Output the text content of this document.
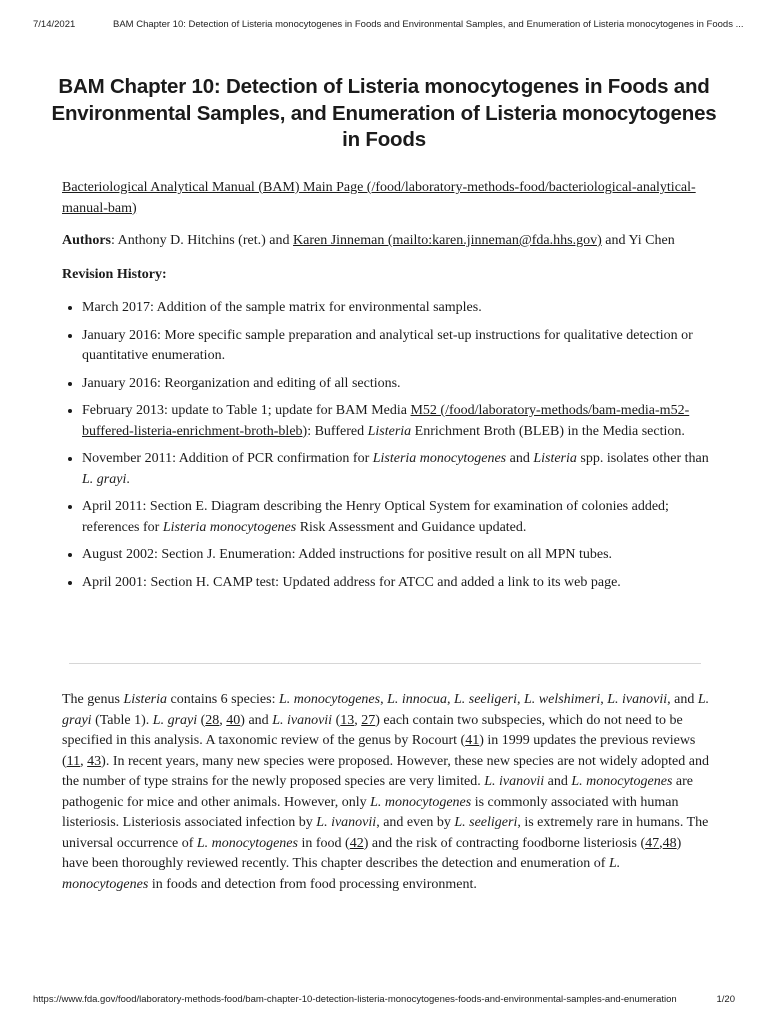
7/14/2021	BAM Chapter 10: Detection of Listeria monocytogenes in Foods and Environmental Samples, and Enumeration of Listeria monocytogenes in Foods ...
BAM Chapter 10: Detection of Listeria monocytogenes in Foods and Environmental Samples, and Enumeration of Listeria monocytogenes in Foods
Bacteriological Analytical Manual (BAM) Main Page (/food/laboratory-methods-food/bacteriological-analytical-manual-bam)

Authors: Anthony D. Hitchins (ret.) and Karen Jinneman (mailto:karen.jinneman@fda.hhs.gov) and Yi Chen

Revision History:

• March 2017: Addition of the sample matrix for environmental samples.
• January 2016: More specific sample preparation and analytical set-up instructions for qualitative detection or quantitative enumeration.
• January 2016: Reorganization and editing of all sections.
• February 2013: update to Table 1; update for BAM Media M52 (/food/laboratory-methods/bam-media-m52-buffered-listeria-enrichment-broth-bleb): Buffered Listeria Enrichment Broth (BLEB) in the Media section.
• November 2011: Addition of PCR confirmation for Listeria monocytogenes and Listeria spp. isolates other than L. grayi.
• April 2011: Section E. Diagram describing the Henry Optical System for examination of colonies added; references for Listeria monocytogenes Risk Assessment and Guidance updated.
• August 2002: Section J. Enumeration: Added instructions for positive result on all MPN tubes.
• April 2001: Section H. CAMP test: Updated address for ATCC and added a link to its web page.

The genus Listeria contains 6 species: L. monocytogenes, L. innocua, L. seeligeri, L. welshimeri, L. ivanovii, and L. grayi (Table 1). L. grayi (28, 40) and L. ivanovii (13, 27) each contain two subspecies, which do not need to be specified in this analysis. A taxonomic review of the genus by Rocourt (41) in 1999 updates the previous reviews (11, 43). In recent years, many new species were proposed. However, these new species are not widely adopted and the number of type strains for the newly proposed species are very limited. L. ivanovii and L. monocytogenes are pathogenic for mice and other animals. However, only L. monocytogenes is commonly associated with human listeriosis. Listeriosis associated infection by L. ivanovii, and even by L. seeligeri, is extremely rare in humans. The universal occurrence of L. monocytogenes in food (42) and the risk of contracting foodborne listeriosis (47,48) have been thoroughly reviewed recently. This chapter describes the detection and enumeration of L. monocytogenes in foods and detection from food processing environment.

https://www.fda.gov/food/laboratory-methods-food/bam-chapter-10-detection-listeria-monocytogenes-foods-and-environmental-samples-and-enumeration	1/20
